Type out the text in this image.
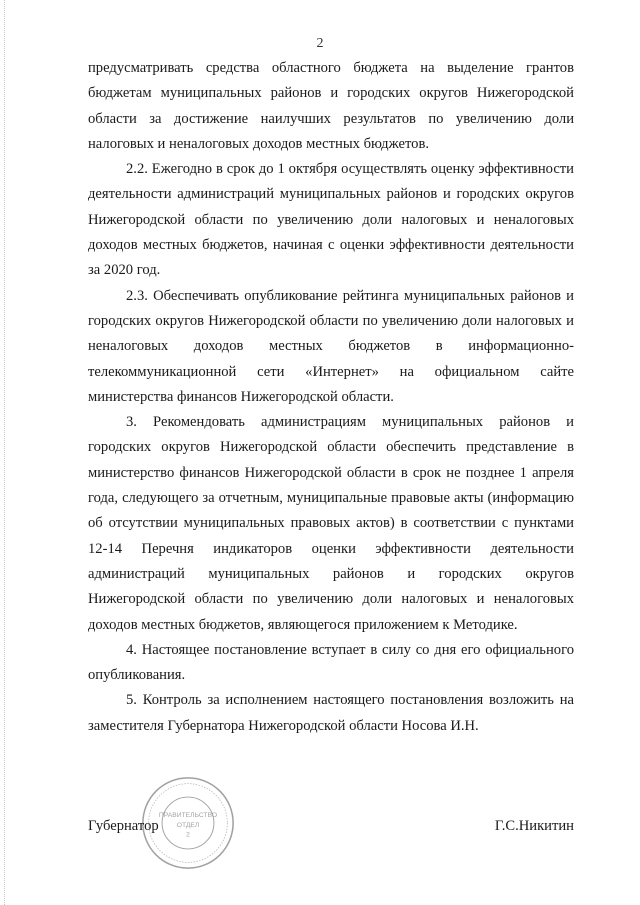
2

предусматривать средства областного бюджета на выделение грантов бюджетам муниципальных районов и городских округов Нижегородской области за достижение наилучших результатов по увеличению доли налоговых и неналоговых доходов местных бюджетов.

2.2. Ежегодно в срок до 1 октября осуществлять оценку эффективности деятельности администраций муниципальных районов и городских округов Нижегородской области по увеличению доли налоговых и неналоговых доходов местных бюджетов, начиная с оценки эффективности деятельности за 2020 год.

2.3. Обеспечивать опубликование рейтинга муниципальных районов и городских округов Нижегородской области по увеличению доли налоговых и неналоговых доходов местных бюджетов в информационно-телекоммуникационной сети «Интернет» на официальном сайте министерства финансов Нижегородской области.

3. Рекомендовать администрациям муниципальных районов и городских округов Нижегородской области обеспечить представление в министерство финансов Нижегородской области в срок не позднее 1 апреля года, следующего за отчетным, муниципальные правовые акты (информацию об отсутствии муниципальных правовых актов) в соответствии с пунктами 12-14 Перечня индикаторов оценки эффективности деятельности администраций муниципальных районов и городских округов Нижегородской области по увеличению доли налоговых и неналоговых доходов местных бюджетов, являющегося приложением к Методике.

4. Настоящее постановление вступает в силу со дня его официального опубликования.

5. Контроль за исполнением настоящего постановления возложить на заместителя Губернатора Нижегородской области Носова И.Н.

ПРАВИТЕЛЬСТВО
ОТДЕЛ
2
Губернатор	Г.С.Никитин
